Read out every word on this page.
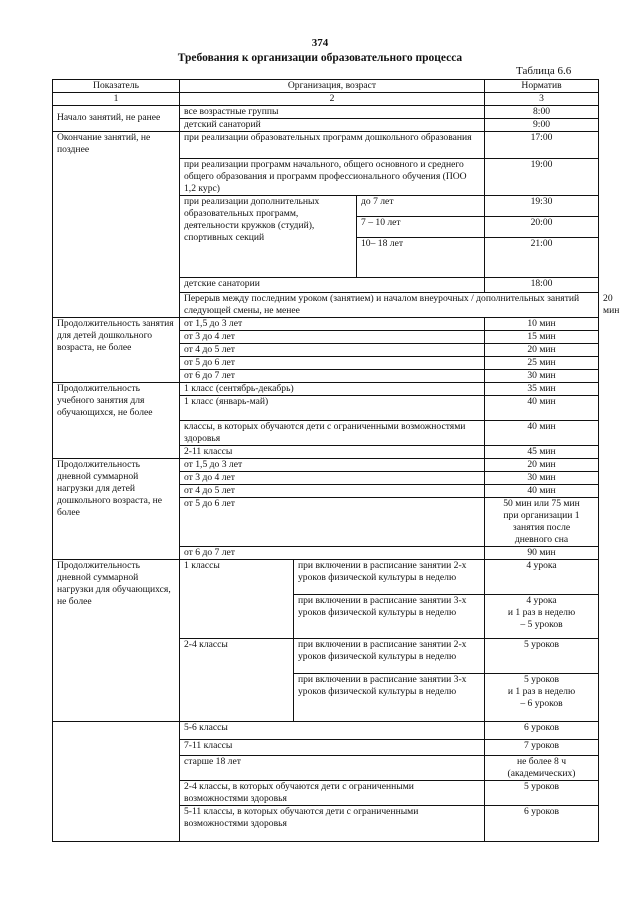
374
Требования к организации образовательного процесса
Таблица 6.6
Показатель	Организация, возраст			Норматив	
1	2			3	
Начало занятий, не ранее	все возрастные группы			8:00	
	детский санаторий			9:00	
Окончание занятий, не позднее	при реализации образовательных программ дошкольного образования			17:00	
	при реализации программ начального, общего основного и среднего общего образования и программ профессионального обучения (ПОО 1,2 курс)			19:00	
	при реализации дополнительных образовательных программ, деятельности кружков (студий), спортивных секций		до 7 лет	19:30	
			7 – 10 лет	20:00	
			10– 18 лет	21:00	
	детские санатории			18:00	
	Перерыв между последним уроком (занятием) и началом внеурочных / дополнительных занятий следующей смены, не менее				20 мин
Продолжительность занятия для детей дошкольного возраста, не более	от 1,5 до 3 лет			10 мин	
	от 3 до 4 лет			15 мин	
	от 4 до 5 лет			20 мин	
	от 5 до 6 лет			25 мин	
	от 6 до 7 лет			30 мин	
Продолжительность учебного занятия для обучающихся, не более	1 класс (сентябрь-декабрь)			35 мин	
	1 класс (январь-май)			40 мин	
	классы, в которых обучаются дети с ограниченными возможностями здоровья			40 мин	
	2-11 классы			45 мин	
Продолжительность дневной суммарной нагрузки для детей дошкольного возраста, не более	от 1,5 до 3 лет			20 мин	
	от 3 до 4 лет			30 мин	
	от 4 до 5 лет			40 мин	
	от 5 до 6 лет			50 мин или 75 мин
при организации 1
занятия после
дневного сна	

	от 6 до 7 лет			90 мин	
Продолжительность дневной суммарной нагрузки для обучающихся, не более	1 классы	при включении в расписание занятии 2-х уроков физической культуры в неделю		4 урока	
		при включении в расписание занятии 3-х уроков физической культуры в неделю		4 урока
и 1 раз в неделю
– 5 уроков	

	2-4 классы	при включении в расписание занятии 2-х уроков физической культуры в неделю		5 уроков	
		при включении в расписание занятии 3-х уроков физической культуры в неделю		5 уроков
и 1 раз в неделю
– 6 уроков	

	5-6 классы			6 уроков	
	7-11 классы			7 уроков	
	старше 18 лет			не более 8 ч
(академических)	

	2-4 классы, в которых обучаются дети с ограниченными возможностями здоровья			5 уроков	
	5-11 классы, в которых обучаются дети с ограниченными возможностями здоровья			6 уроков	
